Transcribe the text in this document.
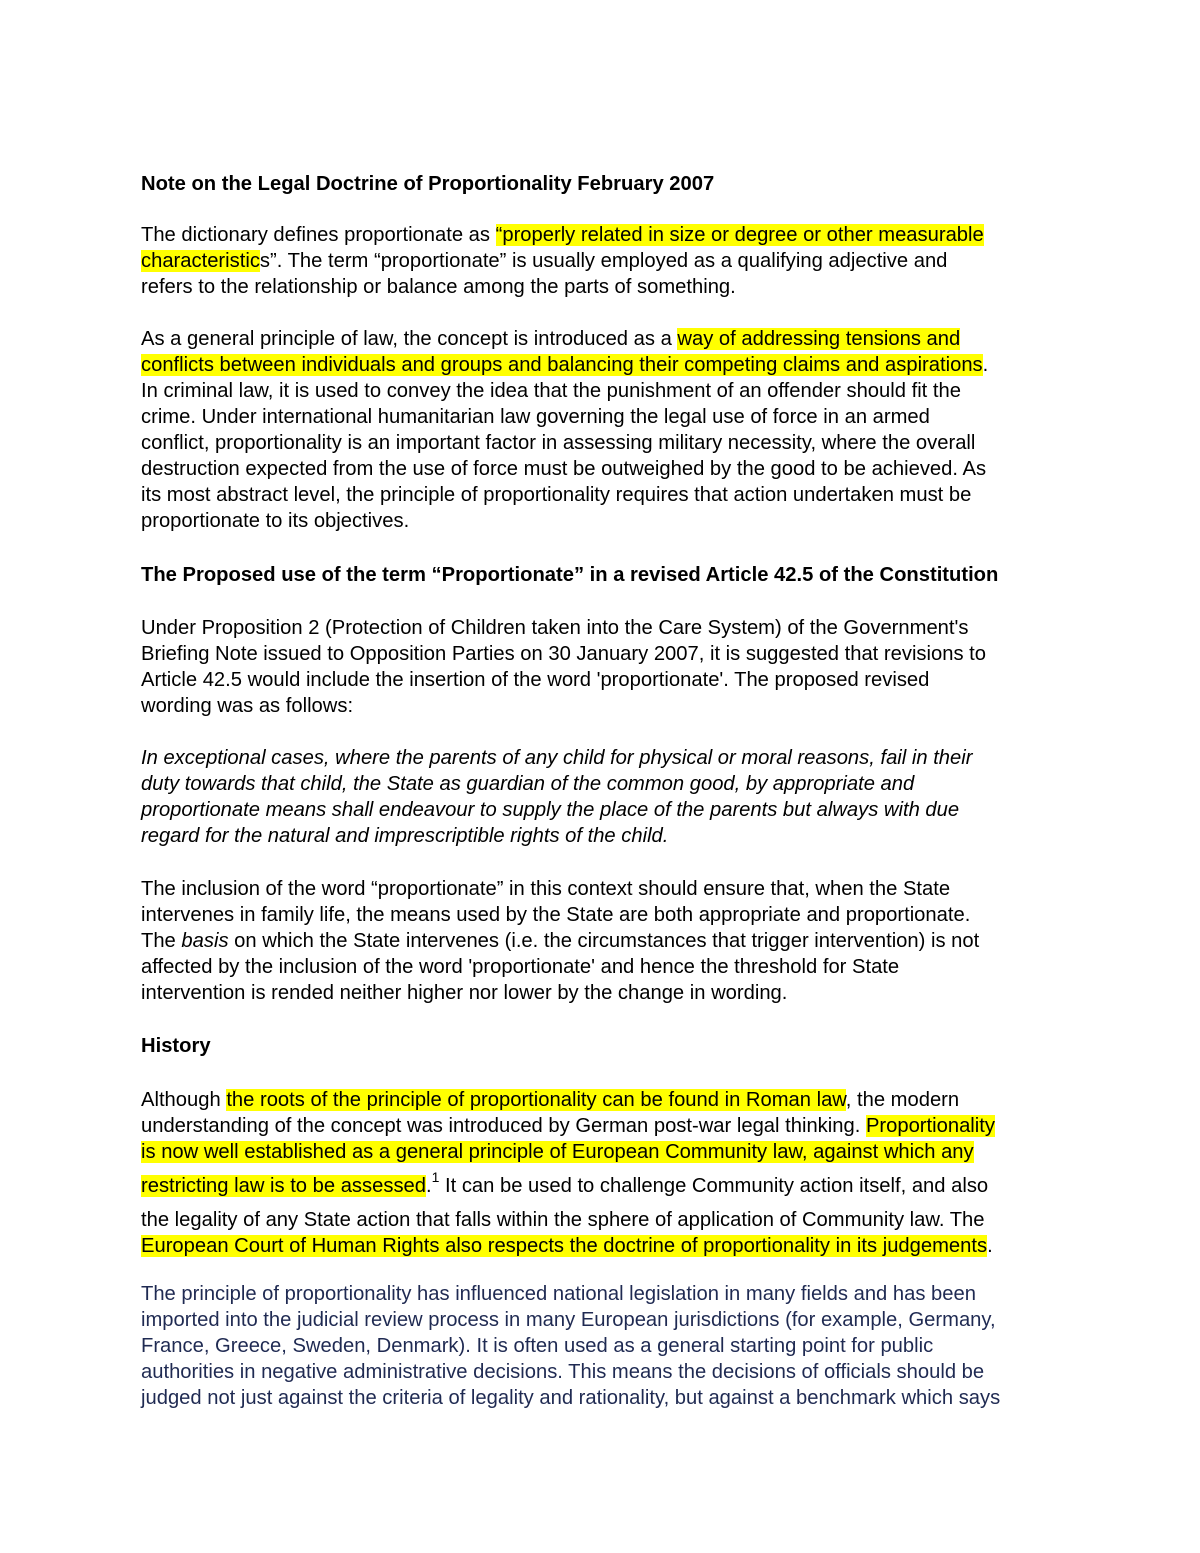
Note on the Legal Doctrine of Proportionality February 2007
The dictionary defines proportionate as “properly related in size or degree or other measurable
characteristics”. The term “proportionate” is usually employed as a qualifying adjective and
refers to the relationship or balance among the parts of something.
As a general principle of law, the concept is introduced as a way of addressing tensions and
conflicts between individuals and groups and balancing their competing claims and aspirations.
In criminal law, it is used to convey the idea that the punishment of an offender should fit the
crime. Under international humanitarian law governing the legal use of force in an armed
conflict, proportionality is an important factor in assessing military necessity, where the overall
destruction expected from the use of force must be outweighed by the good to be achieved. As
its most abstract level, the principle of proportionality requires that action undertaken must be
proportionate to its objectives.
The Proposed use of the term “Proportionate” in a revised Article 42.5 of the Constitution
Under Proposition 2 (Protection of Children taken into the Care System) of the Government's
Briefing Note issued to Opposition Parties on 30 January 2007, it is suggested that revisions to
Article 42.5 would include the insertion of the word 'proportionate'. The proposed revised
wording was as follows:
In exceptional cases, where the parents of any child for physical or moral reasons, fail in their
duty towards that child, the State as guardian of the common good, by appropriate and
proportionate means shall endeavour to supply the place of the parents but always with due
regard for the natural and imprescriptible rights of the child.
The inclusion of the word “proportionate” in this context should ensure that, when the State
intervenes in family life, the means used by the State are both appropriate and proportionate.
The basis on which the State intervenes (i.e. the circumstances that trigger intervention) is not
affected by the inclusion of the word 'proportionate' and hence the threshold for State
intervention is rended neither higher nor lower by the change in wording.
History
Although the roots of the principle of proportionality can be found in Roman law, the modern
understanding of the concept was introduced by German post-war legal thinking. Proportionality
is now well established as a general principle of European Community law, against which any
restricting law is to be assessed.$^1$ It can be used to challenge Community action itself, and also
the legality of any State action that falls within the sphere of application of Community law. The
European Court of Human Rights also respects the doctrine of proportionality in its judgements.
The principle of proportionality has influenced national legislation in many fields and has been
imported into the judicial review process in many European jurisdictions (for example, Germany,
France, Greece, Sweden, Denmark). It is often used as a general starting point for public
authorities in negative administrative decisions. This means the decisions of officials should be
judged not just against the criteria of legality and rationality, but against a benchmark which says
